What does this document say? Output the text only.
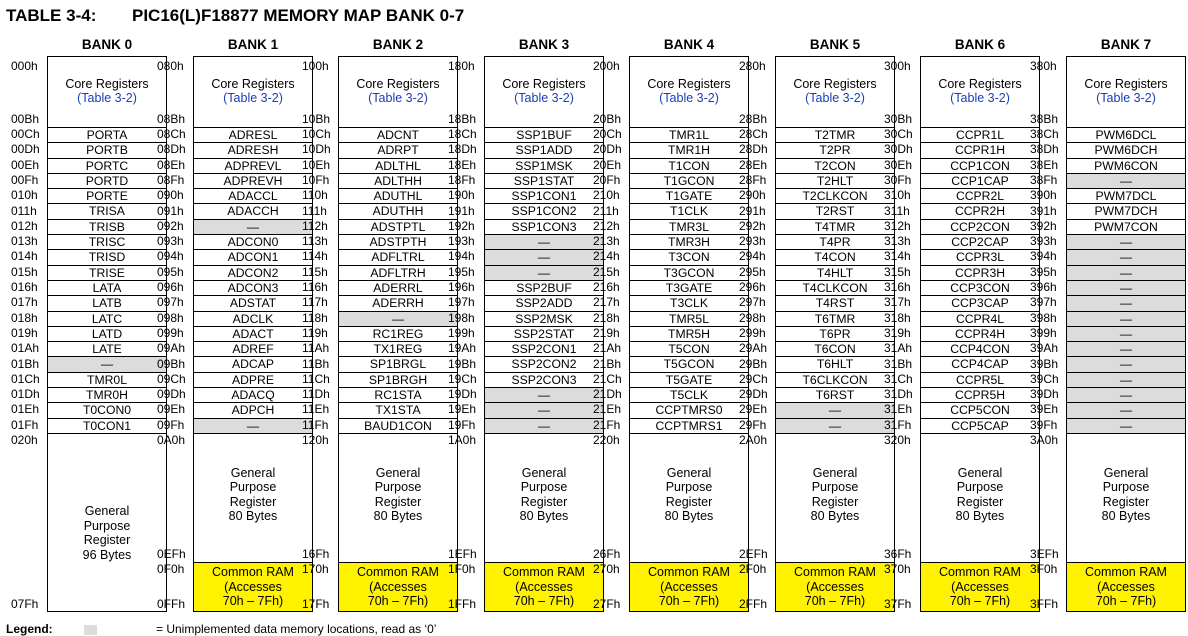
TABLE 3-4: PIC16(L)F18877 MEMORY MAP BANK 0-7
BANK 0
00Ch
00Dh
00Eh
00Fh
010h
011h
012h
013h
014h
015h
016h
017h
018h
019h
01Ah
01Bh
01Ch
01Dh
01Eh
01Fh
Core Registers
(Table 3-2)
PORTA
PORTB
PORTC
PORTD
PORTE
TRISA
TRISB
TRISC
TRISD
TRISE
LATA
LATB
LATC
LATD
LATE
—
TMR0L
TMR0H
T0CON0
T0CON1
General
Purpose
Register
96 Bytes
000h
00Bh
020h
07Fh
BANK 1
08Ch
08Dh
08Eh
08Fh
090h
091h
092h
093h
094h
095h
096h
097h
098h
099h
09Ah
09Bh
09Ch
09Dh
09Eh
09Fh
Core Registers
(Table 3-2)
ADRESL
ADRESH
ADPREVL
ADPREVH
ADACCL
ADACCH
—
ADCON0
ADCON1
ADCON2
ADCON3
ADSTAT
ADCLK
ADACT
ADREF
ADCAP
ADPRE
ADACQ
ADPCH
—
General
Purpose
Register
80 Bytes
Common RAM
(Accesses
70h – 7Fh)
080h
08Bh
0A0h
0EFh
0F0h
0FFh
BANK 2
10Ch
10Dh
10Eh
10Fh
110h
111h
112h
113h
114h
115h
116h
117h
118h
119h
11Ah
11Bh
11Ch
11Dh
11Eh
11Fh
Core Registers
(Table 3-2)
ADCNT
ADRPT
ADLTHL
ADLTHH
ADUTHL
ADUTHH
ADSTPTL
ADSTPTH
ADFLTRL
ADFLTRH
ADERRL
ADERRH
—
RC1REG
TX1REG
SP1BRGL
SP1BRGH
RC1STA
TX1STA
BAUD1CON
General
Purpose
Register
80 Bytes
Common RAM
(Accesses
70h – 7Fh)
100h
10Bh
120h
16Fh
170h
17Fh
BANK 3
18Ch
18Dh
18Eh
18Fh
190h
191h
192h
193h
194h
195h
196h
197h
198h
199h
19Ah
19Bh
19Ch
19Dh
19Eh
19Fh
Core Registers
(Table 3-2)
SSP1BUF
SSP1ADD
SSP1MSK
SSP1STAT
SSP1CON1
SSP1CON2
SSP1CON3
—
—
—
SSP2BUF
SSP2ADD
SSP2MSK
SSP2STAT
SSP2CON1
SSP2CON2
SSP2CON3
—
—
—
General
Purpose
Register
80 Bytes
Common RAM
(Accesses
70h – 7Fh)
180h
18Bh
1A0h
1EFh
1F0h
1FFh
BANK 4
20Ch
20Dh
20Eh
20Fh
210h
211h
212h
213h
214h
215h
216h
217h
218h
219h
21Ah
21Bh
21Ch
21Dh
21Eh
21Fh
Core Registers
(Table 3-2)
TMR1L
TMR1H
T1CON
T1GCON
T1GATE
T1CLK
TMR3L
TMR3H
T3CON
T3GCON
T3GATE
T3CLK
TMR5L
TMR5H
T5CON
T5GCON
T5GATE
T5CLK
CCPTMRS0
CCPTMRS1
General
Purpose
Register
80 Bytes
Common RAM
(Accesses
70h – 7Fh)
200h
20Bh
220h
26Fh
270h
27Fh
BANK 5
28Ch
28Dh
28Eh
28Fh
290h
291h
292h
293h
294h
295h
296h
297h
298h
299h
29Ah
29Bh
29Ch
29Dh
29Eh
29Fh
Core Registers
(Table 3-2)
T2TMR
T2PR
T2CON
T2HLT
T2CLKCON
T2RST
T4TMR
T4PR
T4CON
T4HLT
T4CLKCON
T4RST
T6TMR
T6PR
T6CON
T6HLT
T6CLKCON
T6RST
—
—
General
Purpose
Register
80 Bytes
Common RAM
(Accesses
70h – 7Fh)
280h
28Bh
2A0h
2EFh
2F0h
2FFh
BANK 6
30Ch
30Dh
30Eh
30Fh
310h
311h
312h
313h
314h
315h
316h
317h
318h
319h
31Ah
31Bh
31Ch
31Dh
31Eh
31Fh
Core Registers
(Table 3-2)
CCPR1L
CCPR1H
CCP1CON
CCP1CAP
CCPR2L
CCPR2H
CCP2CON
CCP2CAP
CCPR3L
CCPR3H
CCP3CON
CCP3CAP
CCPR4L
CCPR4H
CCP4CON
CCP4CAP
CCPR5L
CCPR5H
CCP5CON
CCP5CAP
General
Purpose
Register
80 Bytes
Common RAM
(Accesses
70h – 7Fh)
300h
30Bh
320h
36Fh
370h
37Fh
BANK 7
38Ch
38Dh
38Eh
38Fh
390h
391h
392h
393h
394h
395h
396h
397h
398h
399h
39Ah
39Bh
39Ch
39Dh
39Eh
39Fh
Core Registers
(Table 3-2)
PWM6DCL
PWM6DCH
PWM6CON
—
PWM7DCL
PWM7DCH
PWM7CON
—
—
—
—
—
—
—
—
—
—
—
—
—
General
Purpose
Register
80 Bytes
Common RAM
(Accesses
70h – 7Fh)
380h
38Bh
3A0h
3EFh
3F0h
3FFh
Legend:	= Unimplemented data memory locations, read as ‘0’
